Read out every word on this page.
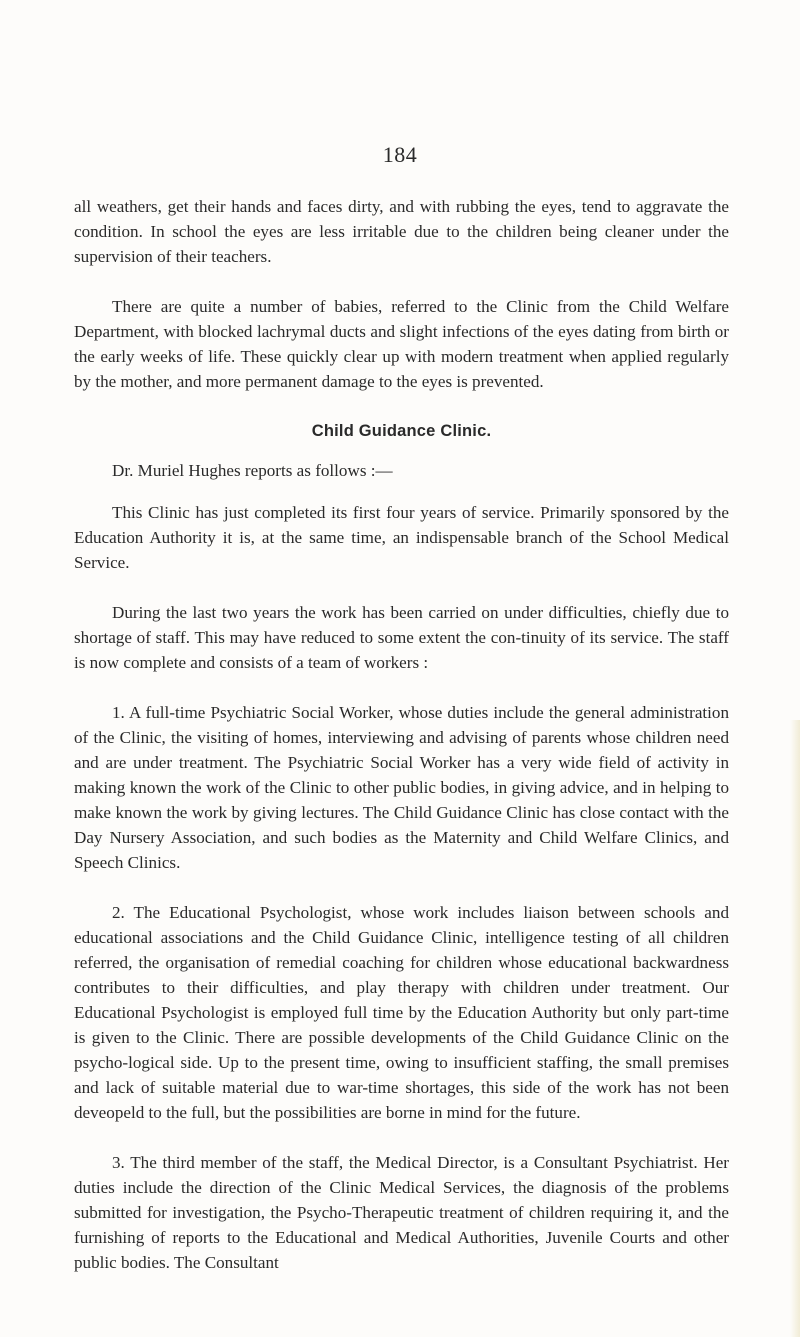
184

all weathers, get their hands and faces dirty, and with rubbing the eyes, tend to aggravate the condition. In school the eyes are less irritable due to the children being cleaner under the supervision of their teachers.

There are quite a number of babies, referred to the Clinic from the Child Welfare Department, with blocked lachrymal ducts and slight infections of the eyes dating from birth or the early weeks of life. These quickly clear up with modern treatment when applied regularly by the mother, and more permanent damage to the eyes is prevented.

Child Guidance Clinic.

Dr. Muriel Hughes reports as follows :—

This Clinic has just completed its first four years of service. Primarily sponsored by the Education Authority it is, at the same time, an indispensable branch of the School Medical Service.

During the last two years the work has been carried on under difficulties, chiefly due to shortage of staff. This may have reduced to some extent the con-tinuity of its service. The staff is now complete and consists of a team of workers :

1. A full-time Psychiatric Social Worker, whose duties include the general administration of the Clinic, the visiting of homes, interviewing and advising of parents whose children need and are under treatment. The Psychiatric Social Worker has a very wide field of activity in making known the work of the Clinic to other public bodies, in giving advice, and in helping to make known the work by giving lectures. The Child Guidance Clinic has close contact with the Day Nursery Association, and such bodies as the Maternity and Child Welfare Clinics, and Speech Clinics.

2. The Educational Psychologist, whose work includes liaison between schools and educational associations and the Child Guidance Clinic, intelligence testing of all children referred, the organisation of remedial coaching for children whose educational backwardness contributes to their difficulties, and play therapy with children under treatment. Our Educational Psychologist is employed full time by the Education Authority but only part-time is given to the Clinic. There are possible developments of the Child Guidance Clinic on the psycho-logical side. Up to the present time, owing to insufficient staffing, the small premises and lack of suitable material due to war-time shortages, this side of the work has not been deveopeld to the full, but the possibilities are borne in mind for the future.

3. The third member of the staff, the Medical Director, is a Consultant Psychiatrist. Her duties include the direction of the Clinic Medical Services, the diagnosis of the problems submitted for investigation, the Psycho-Therapeutic treatment of children requiring it, and the furnishing of reports to the Educational and Medical Authorities, Juvenile Courts and other public bodies. The Consultant
